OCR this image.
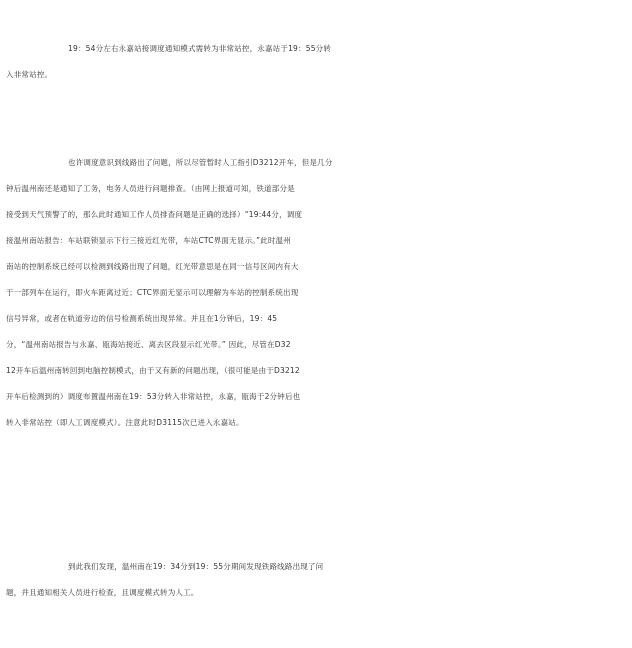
19：54分左右永嘉站接调度通知模式需转为非常站控，永嘉站于19：55分转
入非常站控。
也许调度意识到线路出了问题，所以尽管暂时人工指引D3212开车，但是几分
钟后温州南还是通知了工务，电务人员进行问题排查。（由网上报道可知，铁道部分是
接受到天气预警了的，那么此时通知工作人员排查问题是正确的选择）“19:44分，调度
接温州南站报告：车站联锁显示下行三接近红光带，车站CTC界面无显示。”此时温州
南站的控制系统已经可以检测到线路出现了问题，红光带意思是在同一信号区间内有大
于一部列车在运行，即火车距离过近；CTC界面无显示可以理解为车站的控制系统出现
信号异常，或者在轨道旁边的信号检测系统出现异常。并且在1分钟后，19：45
分，“温州南站报告与永嘉、瓯海站接近、离去区段显示红光带。” 因此，尽管在D32
12开车后温州南转回到电脑控制模式，由于又有新的问题出现，（很可能是由于D3212
开车后检测到的）调度布置温州南在19：53分转入非常站控，永嘉，瓯海于2分钟后也
转入非常站控（即人工调度模式）。注意此时D3115次已进入永嘉站。
到此我们发现，温州南在19：34分到19：55分期间发现铁路线路出现了问
题，并且通知相关人员进行检查，且调度模式转为人工。
